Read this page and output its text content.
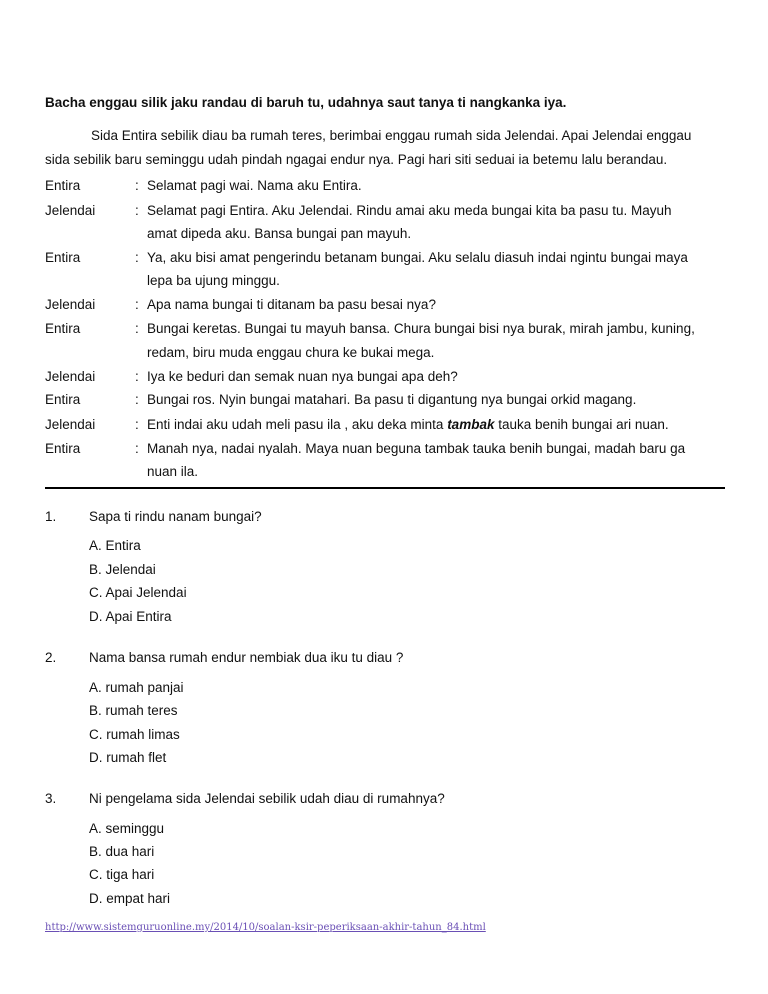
Bacha enggau silik jaku randau di baruh tu, udahnya saut tanya ti nangkanka iya.
Sida Entira sebilik diau ba rumah teres, berimbai enggau rumah sida Jelendai. Apai Jelendai enggau
sida sebilik baru seminggu udah pindah ngagai endur nya. Pagi hari siti seduai ia betemu lalu berandau.
Entira	: Selamat pagi wai. Nama aku Entira.
Jelendai	: Selamat pagi Entira. Aku Jelendai. Rindu amai aku meda bungai kita ba pasu tu. Mayuh
amat dipeda aku. Bansa bungai pan mayuh.
Entira	: Ya, aku bisi amat pengerindu betanam bungai. Aku selalu diasuh indai ngintu bungai maya
lepa ba ujung minggu.
Jelendai	: Apa nama bungai ti ditanam ba pasu besai nya?
Entira	: Bungai keretas. Bungai tu mayuh bansa. Chura bungai bisi nya burak, mirah jambu, kuning,
redam, biru muda enggau chura ke bukai mega.
Jelendai	: Iya ke beduri dan semak nuan nya bungai apa deh?
Entira	: Bungai ros. Nyin bungai matahari. Ba pasu ti digantung nya bungai orkid magang.
Jelendai	: Enti indai aku udah meli pasu ila , aku deka minta tambak tauka benih bungai ari nuan.
Entira	: Manah nya, nadai nyalah. Maya nuan beguna tambak tauka benih bungai, madah baru ga
nuan ila.
1. Sapa ti rindu nanam bungai?
A. Entira
B. Jelendai
C. Apai Jelendai
D. Apai Entira
2. Nama bansa rumah endur nembiak dua iku tu diau ?
A. rumah panjai
B. rumah teres
C. rumah limas
D. rumah flet
3. Ni pengelama sida Jelendai sebilik udah diau di rumahnya?
A. seminggu
B. dua hari
C. tiga hari
D. empat hari
http://www.sistemguruonline.my/2014/10/soalan-ksir-peperiksaan-akhir-tahun_84.html
